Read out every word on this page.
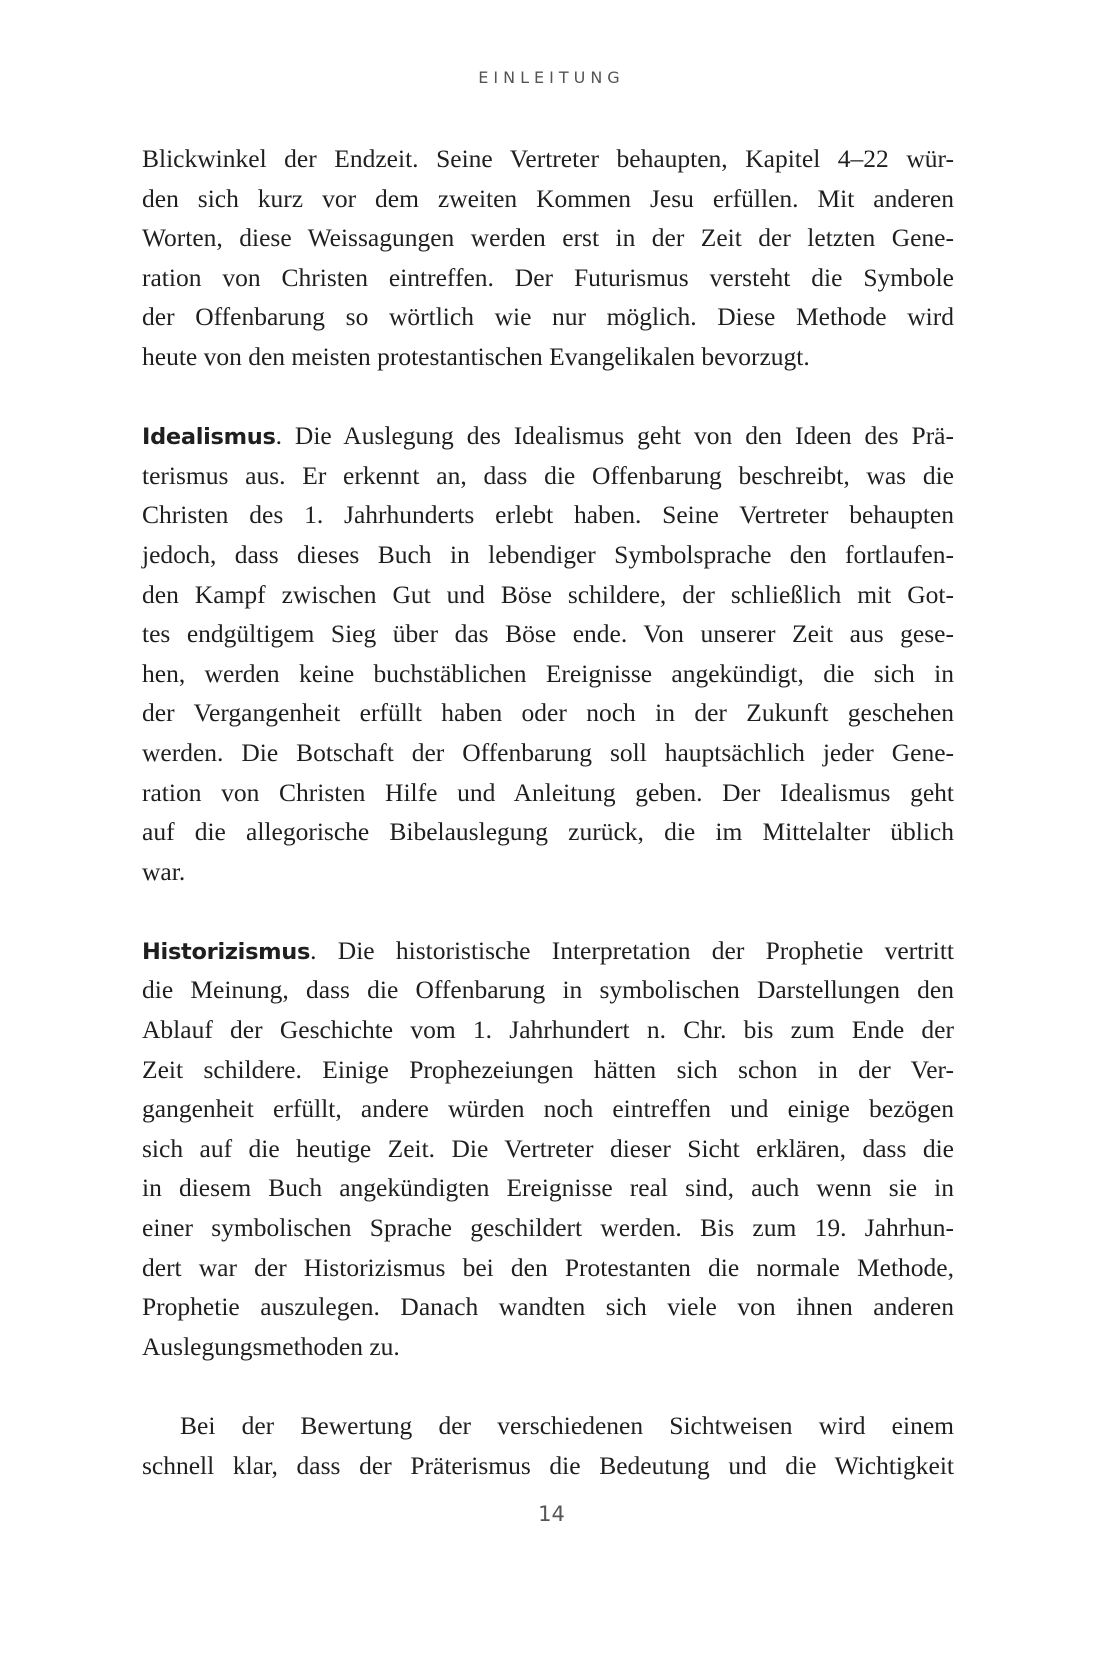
EINLEITUNG
Blickwinkel der Endzeit. Seine Vertreter behaupten, Kapitel 4–22 wür-
den sich kurz vor dem zweiten Kommen Jesu erfüllen. Mit anderen
Worten, diese Weissagungen werden erst in der Zeit der letzten Gene-
ration von Christen eintreffen. Der Futurismus versteht die Symbole
der Offenbarung so wörtlich wie nur möglich. Diese Methode wird
heute von den meisten protestantischen Evangelikalen bevorzugt.
Idealismus. Die Auslegung des Idealismus geht von den Ideen des Prä-
terismus aus. Er erkennt an, dass die Offenbarung beschreibt, was die
Christen des 1. Jahrhunderts erlebt haben. Seine Vertreter behaupten
jedoch, dass dieses Buch in lebendiger Symbolsprache den fortlaufen-
den Kampf zwischen Gut und Böse schildere, der schließlich mit Got-
tes endgültigem Sieg über das Böse ende. Von unserer Zeit aus gese-
hen, werden keine buchstäblichen Ereignisse angekündigt, die sich in
der Vergangenheit erfüllt haben oder noch in der Zukunft geschehen
werden. Die Botschaft der Offenbarung soll hauptsächlich jeder Gene-
ration von Christen Hilfe und Anleitung geben. Der Idealismus geht
auf die allegorische Bibelauslegung zurück, die im Mittelalter üblich
war.
Historizismus. Die historistische Interpretation der Prophetie vertritt
die Meinung, dass die Offenbarung in symbolischen Darstellungen den
Ablauf der Geschichte vom 1. Jahrhundert n. Chr. bis zum Ende der
Zeit schildere. Einige Prophezeiungen hätten sich schon in der Ver-
gangenheit erfüllt, andere würden noch eintreffen und einige bezögen
sich auf die heutige Zeit. Die Vertreter dieser Sicht erklären, dass die
in diesem Buch angekündigten Ereignisse real sind, auch wenn sie in
einer symbolischen Sprache geschildert werden. Bis zum 19. Jahrhun-
dert war der Historizismus bei den Protestanten die normale Methode,
Prophetie auszulegen. Danach wandten sich viele von ihnen anderen
Auslegungsmethoden zu.
Bei der Bewertung der verschiedenen Sichtweisen wird einem
schnell klar, dass der Präterismus die Bedeutung und die Wichtigkeit
14
